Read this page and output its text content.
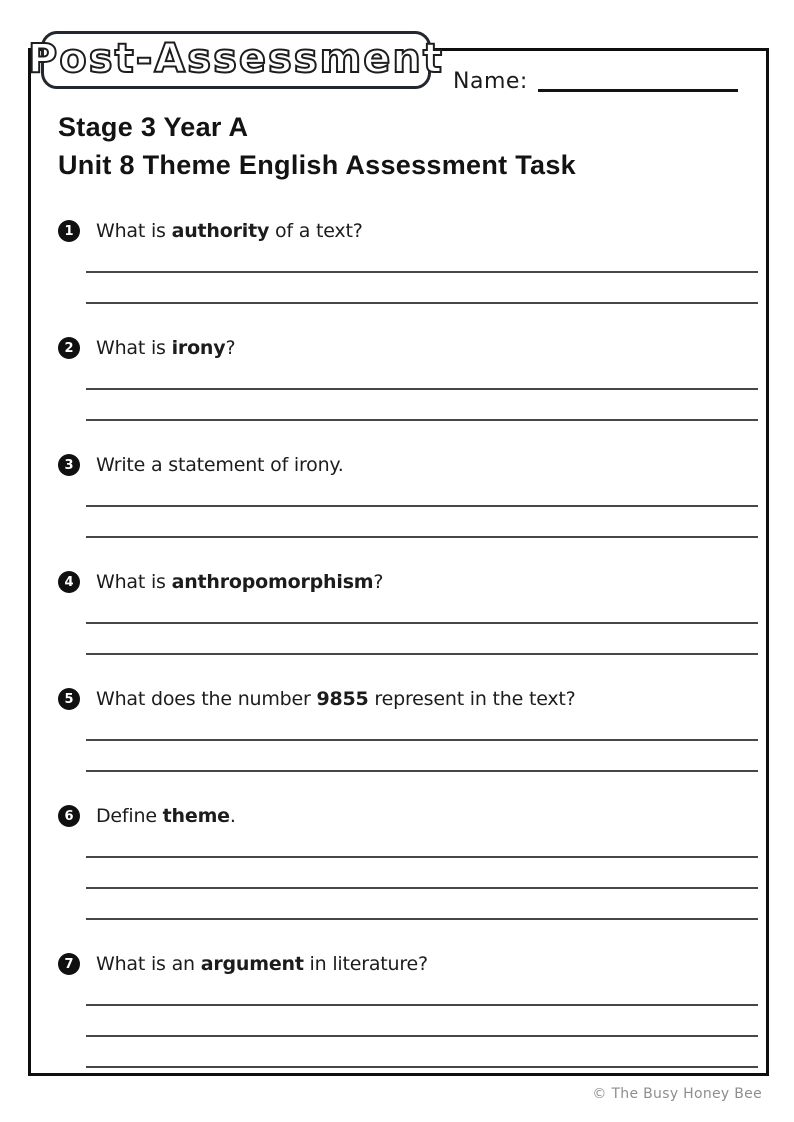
Post-Assessment Name:
Stage 3 Year A
Unit 8 Theme English Assessment Task
1	What is authority of a text?
2	What is irony?
3	Write a statement of irony.
4	What is anthropomorphism?
5	What does the number 9855 represent in the text?
6	Define theme.
7	What is an argument in literature?
© The Busy Honey Bee
